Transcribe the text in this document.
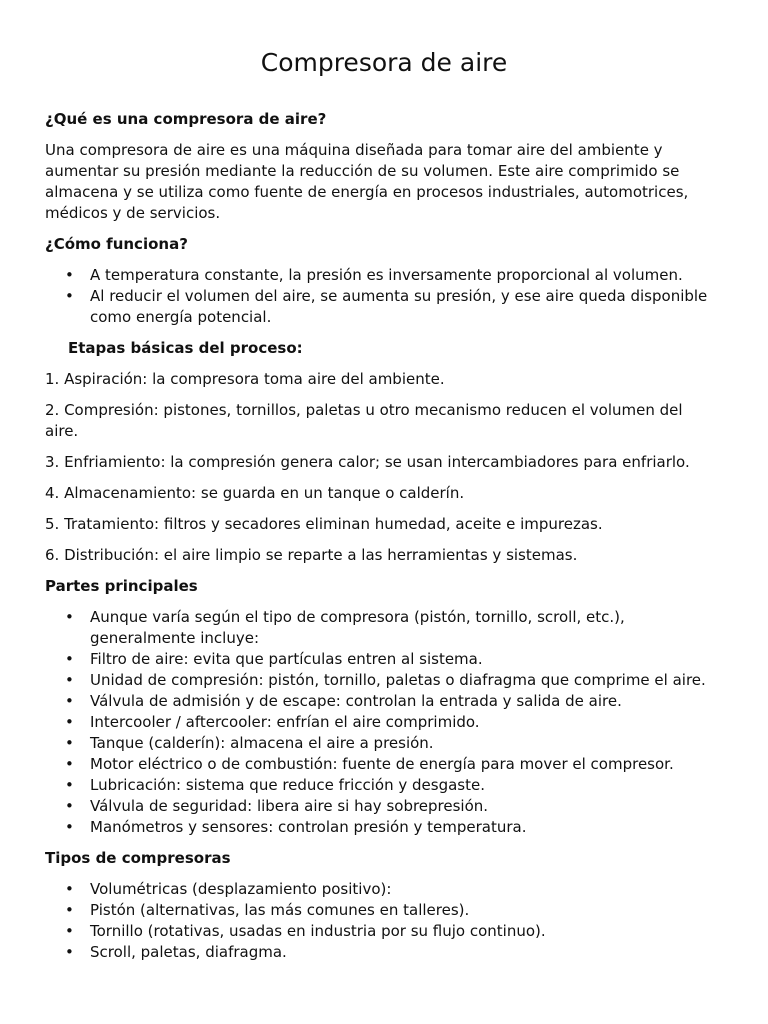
Compresora de aire
¿Qué es una compresora de aire?
Una compresora de aire es una máquina diseñada para tomar aire del ambiente y
aumentar su presión mediante la reducción de su volumen. Este aire comprimido se
almacena y se utiliza como fuente de energía en procesos industriales, automotrices,
médicos y de servicios.
¿Cómo funciona?
• A temperatura constante, la presión es inversamente proporcional al volumen.
• Al reducir el volumen del aire, se aumenta su presión, y ese aire queda disponible
como energía potencial.
Etapas básicas del proceso:
1. Aspiración: la compresora toma aire del ambiente.
2. Compresión: pistones, tornillos, paletas u otro mecanismo reducen el volumen del
aire.
3. Enfriamiento: la compresión genera calor; se usan intercambiadores para enfriarlo.
4. Almacenamiento: se guarda en un tanque o calderín.
5. Tratamiento: filtros y secadores eliminan humedad, aceite e impurezas.
6. Distribución: el aire limpio se reparte a las herramientas y sistemas.
Partes principales
• Aunque varía según el tipo de compresora (pistón, tornillo, scroll, etc.),
generalmente incluye:
• Filtro de aire: evita que partículas entren al sistema.
• Unidad de compresión: pistón, tornillo, paletas o diafragma que comprime el aire.
• Válvula de admisión y de escape: controlan la entrada y salida de aire.
• Intercooler / aftercooler: enfrían el aire comprimido.
• Tanque (calderín): almacena el aire a presión.
• Motor eléctrico o de combustión: fuente de energía para mover el compresor.
• Lubricación: sistema que reduce fricción y desgaste.
• Válvula de seguridad: libera aire si hay sobrepresión.
• Manómetros y sensores: controlan presión y temperatura.
Tipos de compresoras
• Volumétricas (desplazamiento positivo):
• Pistón (alternativas, las más comunes en talleres).
• Tornillo (rotativas, usadas en industria por su flujo continuo).
• Scroll, paletas, diafragma.
